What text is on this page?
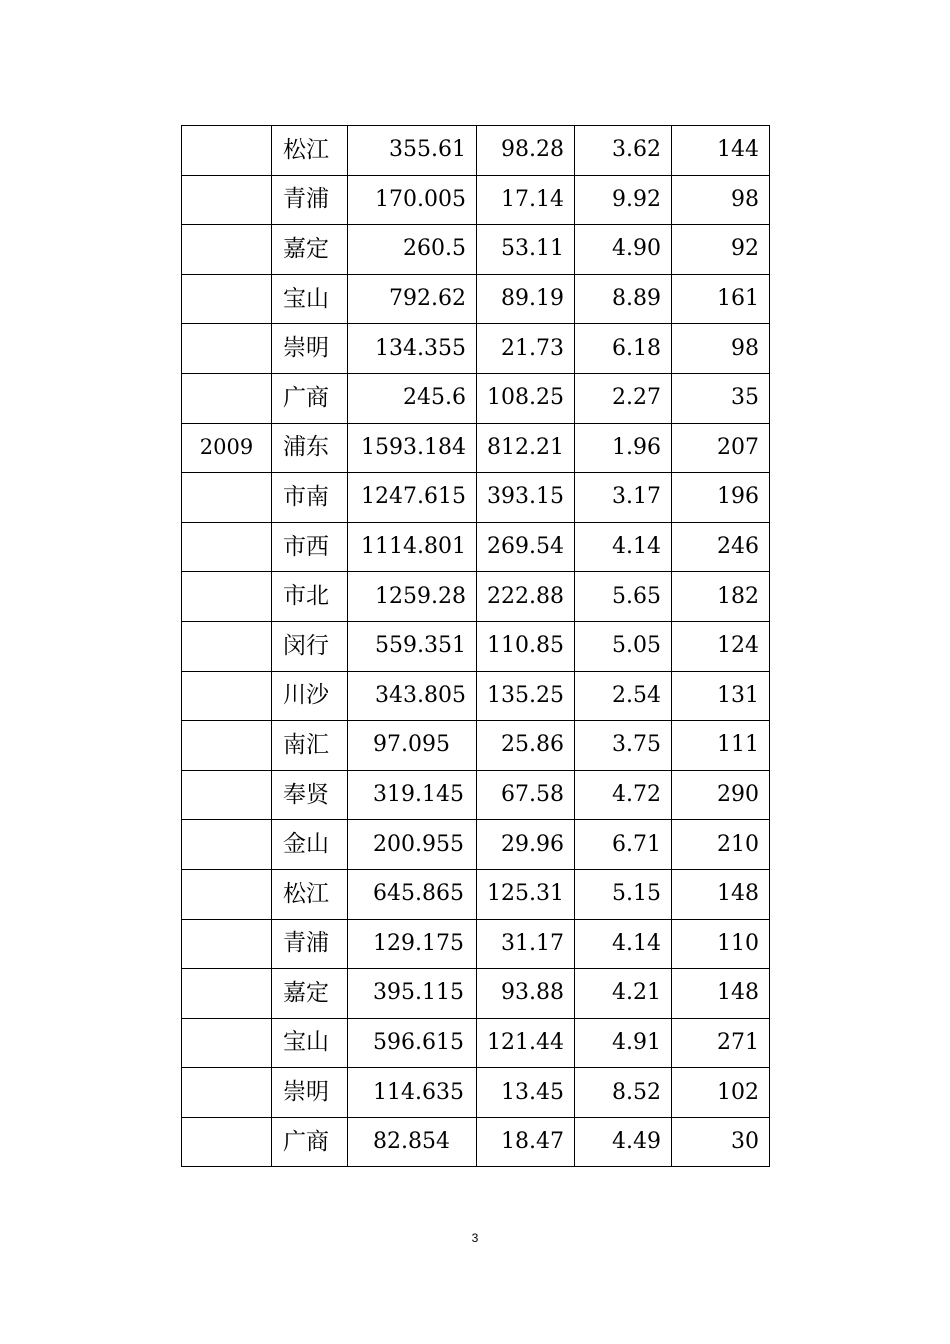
	松江	355.61	98.28	3.62	144
	青浦	170.005	17.14	9.92	98
	嘉定	260.5	53.11	4.90	92
	宝山	792.62	89.19	8.89	161
	崇明	134.355	21.73	6.18	98
	广商	245.6	108.25	2.27	35
2009	浦东	1593.184	812.21	1.96	207
	市南	1247.615	393.15	3.17	196
	市西	1114.801	269.54	4.14	246
	市北	1259.28	222.88	5.65	182
	闵行	559.351	110.85	5.05	124
	川沙	343.805	135.25	2.54	131
	南汇	97.095	25.86	3.75	111
	奉贤	319.145	67.58	4.72	290
	金山	200.955	29.96	6.71	210
	松江	645.865	125.31	5.15	148
	青浦	129.175	31.17	4.14	110
	嘉定	395.115	93.88	4.21	148
	宝山	596.615	121.44	4.91	271
	崇明	114.635	13.45	8.52	102
	广商	82.854	18.47	4.49	30
3
